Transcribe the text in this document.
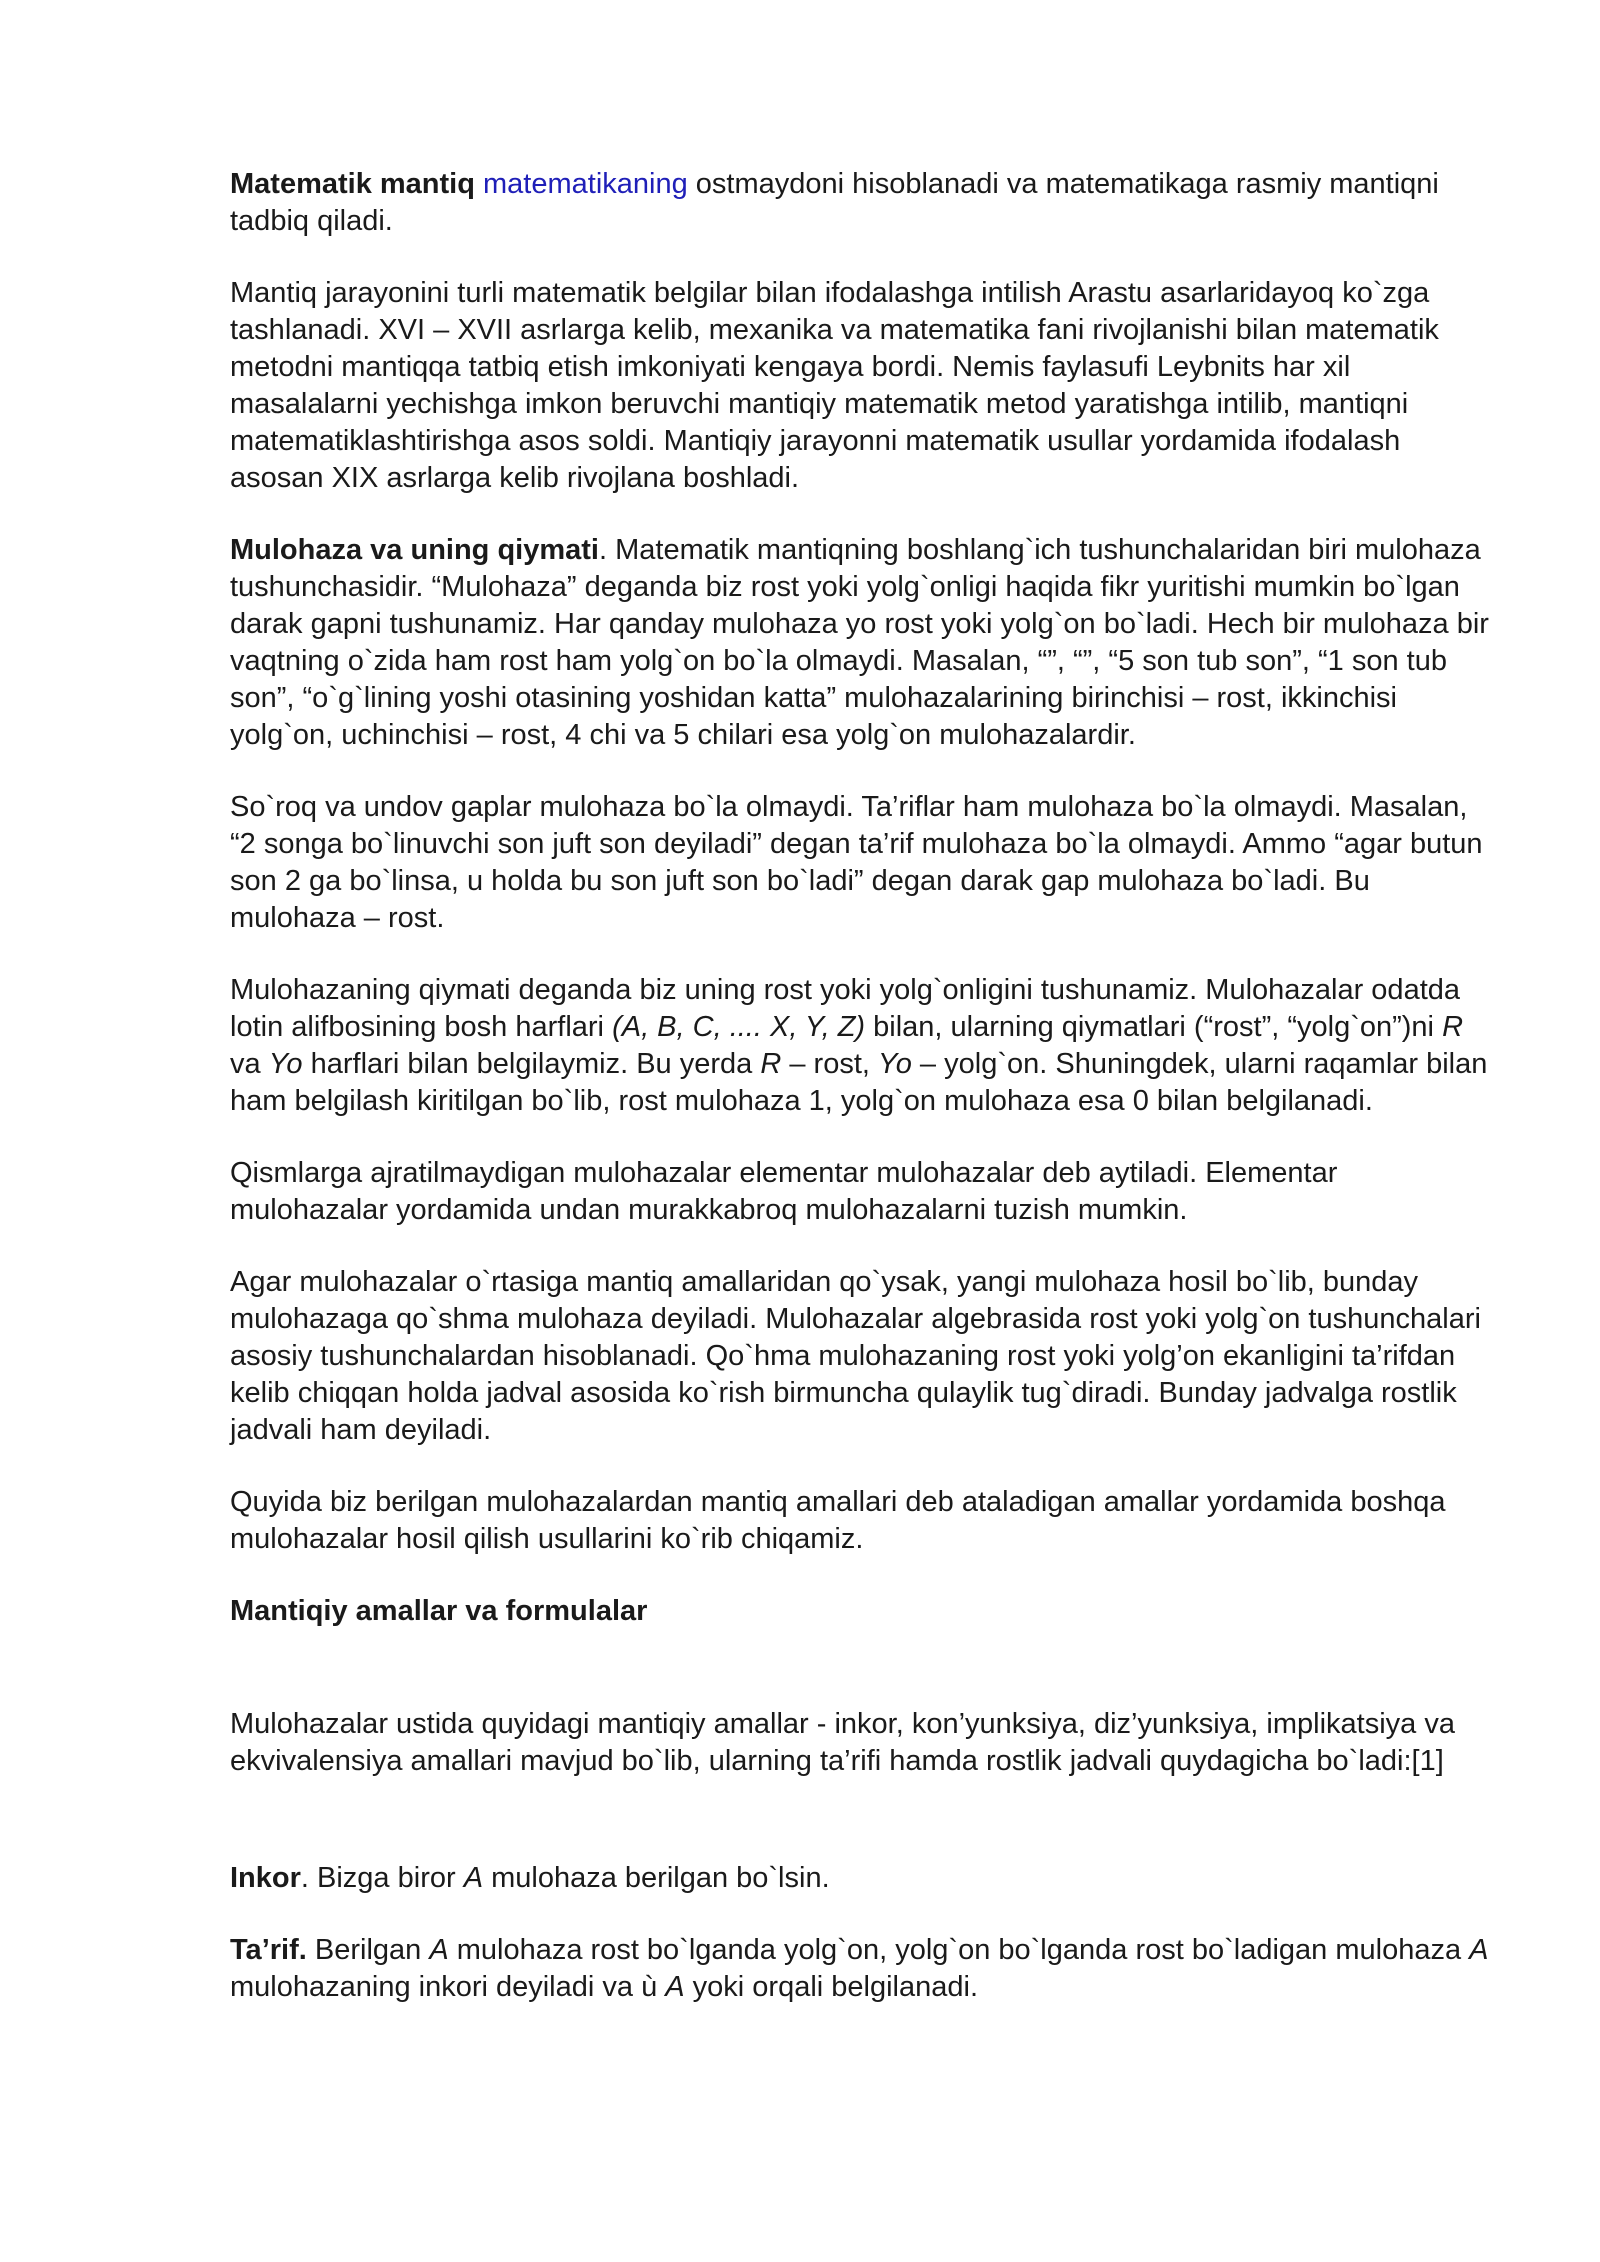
Matematik mantiq matematikaning ostmaydoni hisoblanadi va matematikaga rasmiy mantiqni tadbiq qiladi.

Mantiq jarayonini turli matematik belgilar bilan ifodalashga intilish Arastu asarlaridayoq ko`zga tashlanadi. XVI – XVII asrlarga kelib, mexanika va matematika fani rivojlanishi bilan matematik metodni mantiqqa tatbiq etish imkoniyati kengaya bordi. Nemis faylasufi Leybnits har xil masalalarni yechishga imkon beruvchi mantiqiy matematik metod yaratishga intilib, mantiqni matematiklashtirishga asos soldi. Mantiqiy jarayonni matematik usullar yordamida ifodalash asosan XIX asrlarga kelib rivojlana boshladi.

Mulohaza va uning qiymati. Matematik mantiqning boshlang`ich tushunchalaridan biri mulohaza tushunchasidir. “Mulohaza” deganda biz rost yoki yolg`onligi haqida fikr yuritishi mumkin bo`lgan darak gapni tushunamiz. Har qanday mulohaza yo rost yoki yolg`on bo`ladi. Hech bir mulohaza bir vaqtning o`zida ham rost ham yolg`on bo`la olmaydi. Masalan, “”, “”, “5 son tub son”, “1 son tub son”, “o`g`lining yoshi otasining yoshidan katta” mulohazalarining birinchisi – rost, ikkinchisi yolg`on, uchinchisi – rost, 4 chi va 5 chilari esa yolg`on mulohazalardir.

So`roq va undov gaplar mulohaza bo`la olmaydi. Ta’riflar ham mulohaza bo`la olmaydi. Masalan, “2 songa bo`linuvchi son juft son deyiladi” degan ta’rif mulohaza bo`la olmaydi. Ammo “agar butun son 2 ga bo`linsa, u holda bu son juft son bo`ladi” degan darak gap mulohaza bo`ladi. Bu mulohaza – rost.

Mulohazaning qiymati deganda biz uning rost yoki yolg`onligini tushunamiz. Mulohazalar odatda lotin alifbosining bosh harflari (A, B, C, .... X, Y, Z) bilan, ularning qiymatlari (“rost”, “yolg`on”)ni R va Yo harflari bilan belgilaymiz. Bu yerda R – rost, Yo – yolg`on. Shuningdek, ularni raqamlar bilan ham belgilash kiritilgan bo`lib, rost mulohaza 1, yolg`on mulohaza esa 0 bilan belgilanadi.

Qismlarga ajratilmaydigan mulohazalar elementar mulohazalar deb aytiladi. Elementar mulohazalar yordamida undan murakkabroq mulohazalarni tuzish mumkin.

Agar mulohazalar o`rtasiga mantiq amallaridan qo`ysak, yangi mulohaza hosil bo`lib, bunday mulohazaga qo`shma mulohaza deyiladi. Mulohazalar algebrasida rost yoki yolg`on tushunchalari asosiy tushunchalardan hisoblanadi. Qo`hma mulohazaning rost yoki yolg’on ekanligini ta’rifdan kelib chiqqan holda jadval asosida ko`rish birmuncha qulaylik tug`diradi. Bunday jadvalga rostlik jadvali ham deyiladi.

Quyida biz berilgan mulohazalardan mantiq amallari deb ataladigan amallar yordamida boshqa mulohazalar hosil qilish usullarini ko`rib chiqamiz.

Mantiqiy amallar va formulalar

Mulohazalar ustida quyidagi mantiqiy amallar - inkor, kon’yunksiya, diz’yunksiya, implikatsiya va ekvivalensiya amallari mavjud bo`lib, ularning ta’rifi hamda rostlik jadvali quydagicha bo`ladi:[1]

Inkor. Bizga biror A mulohaza berilgan bo`lsin.

Ta’rif. Berilgan A mulohaza rost bo`lganda yolg`on, yolg`on bo`lganda rost bo`ladigan mulohaza A mulohazaning inkori deyiladi va ù A yoki orqali belgilanadi.
